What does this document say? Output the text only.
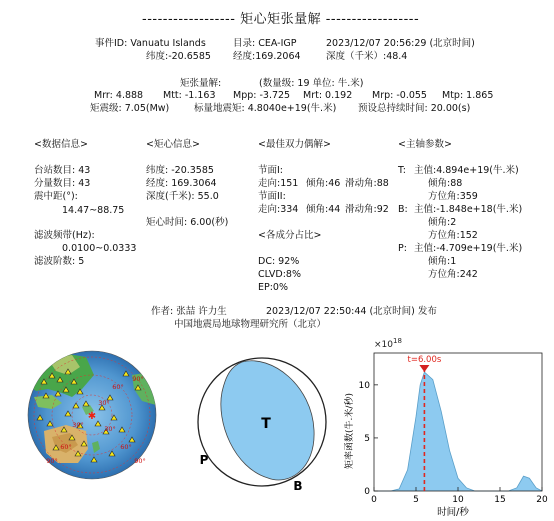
------------------ 矩心矩张量解 ------------------
事件ID: Vanuatu Islands	目录: CEA-IGP	2023/12/07 20:56:29 (北京时间)
纬度:-20.6585 经度:169.2064	深度（千米）:48.4
矩张量解:	(数量级: 19 单位: 牛.米)
Mrr: 4.888 Mtt: -1.163 Mpp: -3.725 Mrt: 0.192 Mrp: -0.055 Mtp: 1.865
矩震级: 7.05(Mw)	标量地震矩: 4.8040e+19(牛.米) 预设总持续时间: 20.00(s)
<数据信息>
台站数目: 43
分量数目: 43
震中距(°):
14.47~88.75
滤波频带(Hz):
0.0100~0.0333
滤波阶数: 5
<矩心信息>
纬度: -20.3585
经度: 169.3064
深度(千米): 55.0
矩心时间: 6.00(秒)
<最佳双力偶解>
节面I:
走向:151 倾角:46 滑动角:88
节面II:
走向:334 倾角:44 滑动角:92
<各成分占比>
DC: 92%
CLVD:8%
EP:0%
<主轴参数>
T: 主值:4.894e+19(牛.米)
倾角:88
方位角:359
B: 主值:-1.848e+18(牛.米)
倾角:2
方位角:152
P: 主值:-4.709e+19(牛.米)
倾角:1
方位角:242
作者: 张喆 许力生	2023/12/07 22:50:44 (北京时间) 发布
中国地震局地球物理研究所（北京）
✱
30°
60°
90°
30°
60°
90°
30°
60°
90°
T
P
B
$\times 10^{18}$
0	5	10	15	20
0
5
10
t=6.00s
时间/秒
矩率函数(牛.米/秒)
